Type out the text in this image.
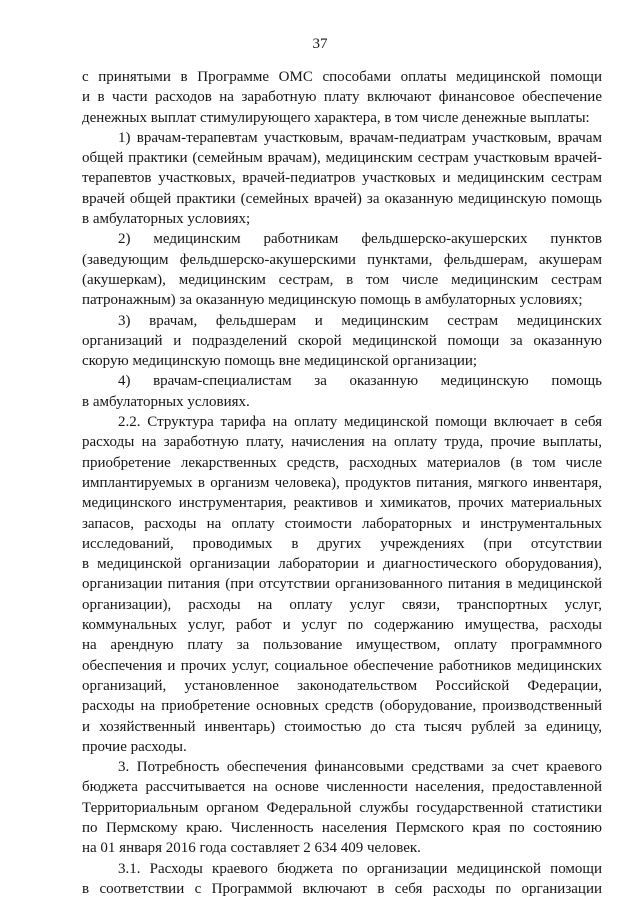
37
с принятыми в Программе ОМС способами оплаты медицинской помощи
и в части расходов на заработную плату включают финансовое обеспечение
денежных выплат стимулирующего характера, в том числе денежные выплаты:
1) врачам-терапевтам участковым, врачам-педиатрам участковым, врачам
общей практики (семейным врачам), медицинским сестрам участковым врачей-
терапевтов участковых, врачей-педиатров участковых и медицинским сестрам
врачей общей практики (семейных врачей) за оказанную медицинскую помощь
в амбулаторных условиях;
2) медицинским работникам фельдшерско-акушерских пунктов
(заведующим фельдшерско-акушерскими пунктами, фельдшерам, акушерам
(акушеркам), медицинским сестрам, в том числе медицинским сестрам
патронажным) за оказанную медицинскую помощь в амбулаторных условиях;
3) врачам, фельдшерам и медицинским сестрам медицинских
организаций и подразделений скорой медицинской помощи за оказанную
скорую медицинскую помощь вне медицинской организации;
4) врачам-специалистам за оказанную медицинскую помощь
в амбулаторных условиях.
2.2. Структура тарифа на оплату медицинской помощи включает в себя
расходы на заработную плату, начисления на оплату труда, прочие выплаты,
приобретение лекарственных средств, расходных материалов (в том числе
имплантируемых в организм человека), продуктов питания, мягкого инвентаря,
медицинского инструментария, реактивов и химикатов, прочих материальных
запасов, расходы на оплату стоимости лабораторных и инструментальных
исследований, проводимых в других учреждениях (при отсутствии
в медицинской организации лаборатории и диагностического оборудования),
организации питания (при отсутствии организованного питания в медицинской
организации), расходы на оплату услуг связи, транспортных услуг,
коммунальных услуг, работ и услуг по содержанию имущества, расходы
на арендную плату за пользование имуществом, оплату программного
обеспечения и прочих услуг, социальное обеспечение работников медицинских
организаций, установленное законодательством Российской Федерации,
расходы на приобретение основных средств (оборудование, производственный
и хозяйственный инвентарь) стоимостью до ста тысяч рублей за единицу,
прочие расходы.
3. Потребность обеспечения финансовыми средствами за счет краевого
бюджета рассчитывается на основе численности населения, предоставленной
Территориальным органом Федеральной службы государственной статистики
по Пермскому краю. Численность населения Пермского края по состоянию
на 01 января 2016 года составляет 2 634 409 человек.
3.1. Расходы краевого бюджета по организации медицинской помощи
в соответствии с Программой включают в себя расходы по организации
